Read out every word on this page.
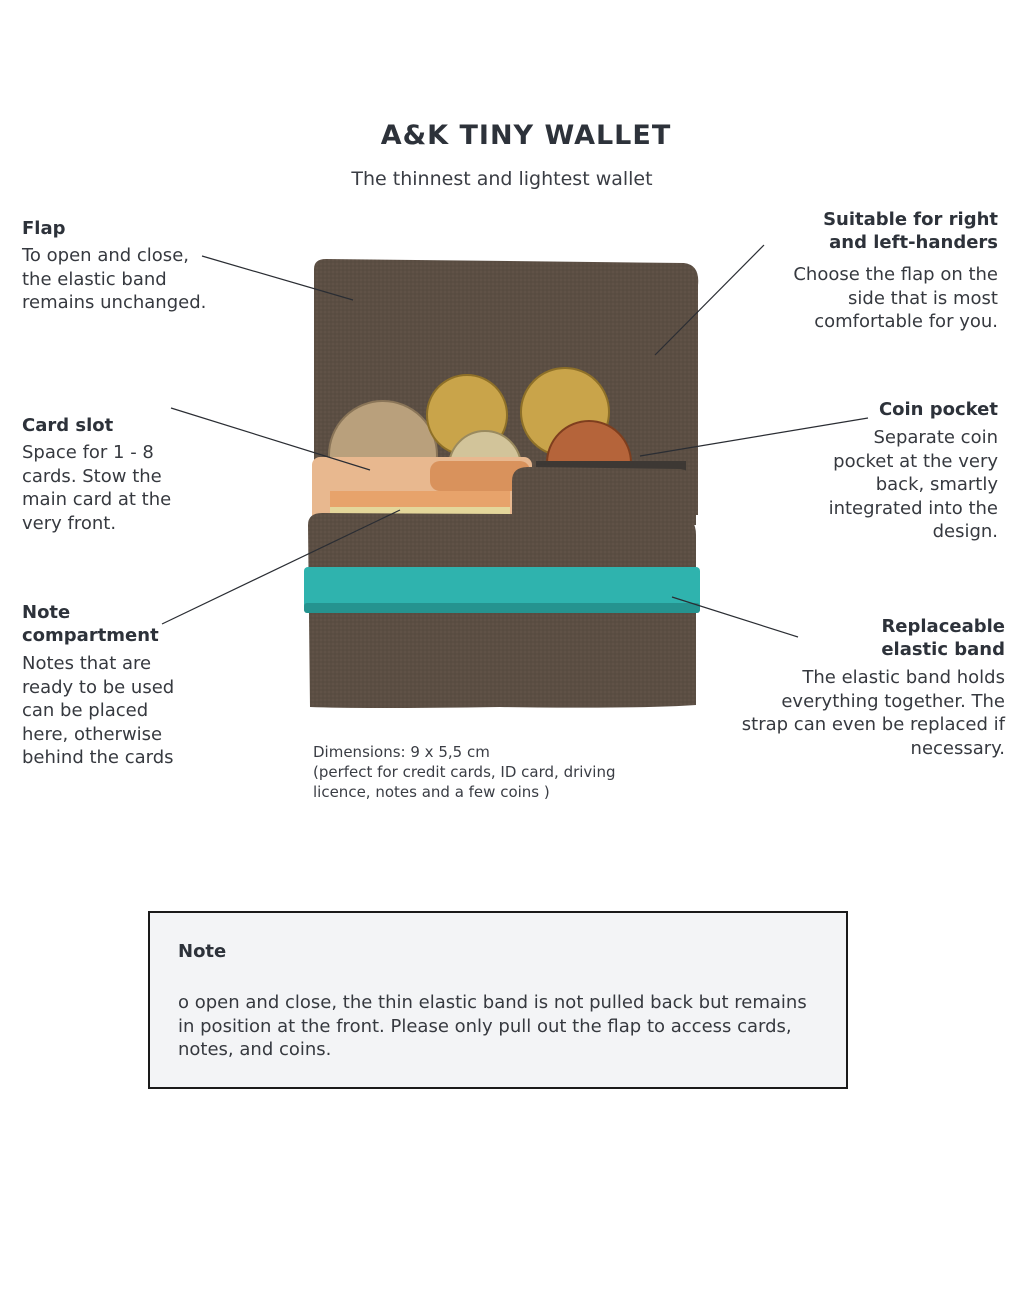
A&K TINY WALLET
The thinnest and lightest wallet
Flap
To open and close, the elastic band remains unchanged.
Card slot
Space for 1 - 8 cards. Stow the main card at the very front.
Note compartment
Notes that are ready to be used can be placed here, otherwise behind the cards
Suitable for right and left-handers
Choose the flap on the side that is most comfortable for you.
Coin pocket
Separate coin pocket at the very back, smartly integrated into the design.
Replaceable elastic band
The elastic band holds everything together. The strap can even be replaced if necessary.
Dimensions: 9 x 5,5 cm
(perfect for credit cards, ID card, driving licence, notes and a few coins )
Note
o open and close, the thin elastic band is not pulled back but remains in position at the front. Please only pull out the flap to access cards, notes, and coins.
